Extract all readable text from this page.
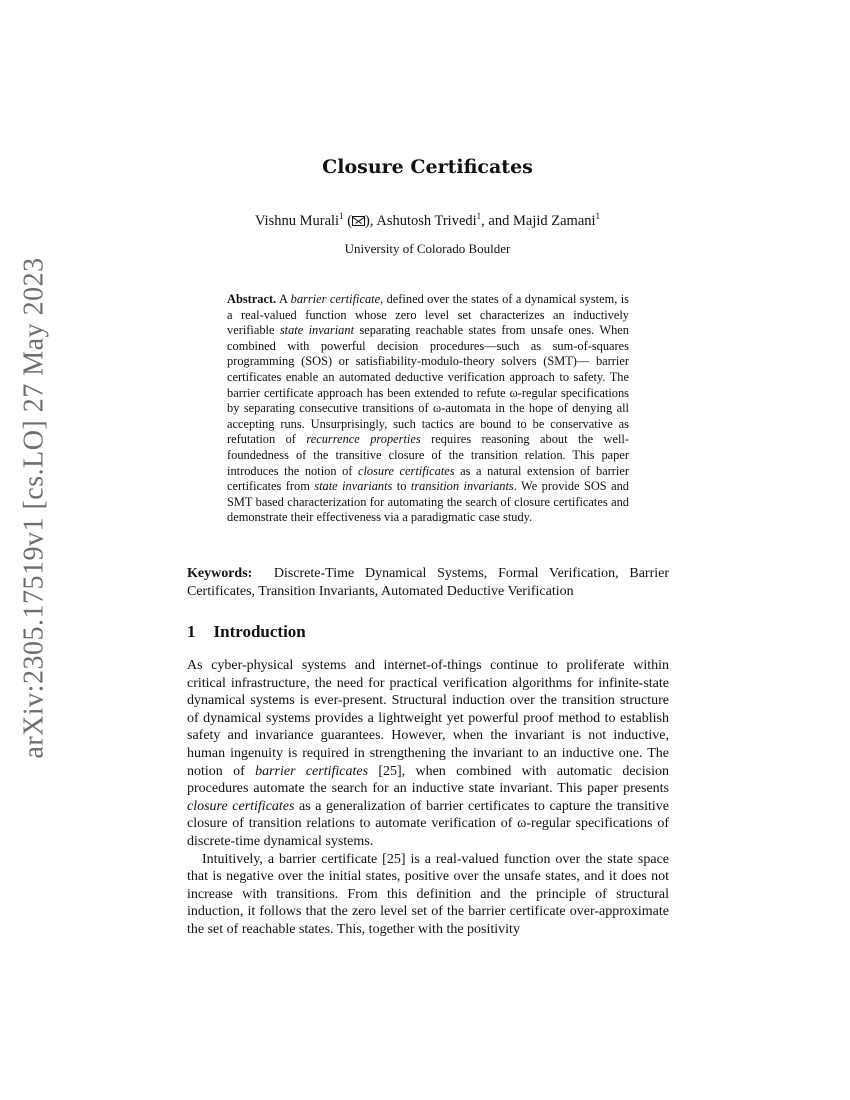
arXiv:2305.17519v1 [cs.LO] 27 May 2023
Closure Certificates
Vishnu Murali$^1$ ( ), Ashutosh Trivedi$^1$, and Majid Zamani$^1$
University of Colorado Boulder

Abstract. A barrier certificate, defined over the states of a dynamical system, is a real-valued function whose zero level set characterizes an inductively verifiable state invariant separating reachable states from unsafe ones. When combined with powerful decision procedures—such as sum-of-squares programming (SOS) or satisfiability-modulo-theory solvers (SMT)— barrier certificates enable an automated deductive verification approach to safety. The barrier certificate approach has been extended to refute ω-regular specifications by separating consecutive transitions of ω-automata in the hope of denying all accepting runs. Unsurprisingly, such tactics are bound to be conservative as refutation of recurrence properties requires reasoning about the well-foundedness of the transitive closure of the transition relation. This paper introduces the notion of closure certificates as a natural extension of barrier certificates from state invariants to transition invariants. We provide SOS and SMT based characterization for automating the search of closure certificates and demonstrate their effectiveness via a paradigmatic case study.

Keywords: Discrete-Time Dynamical Systems, Formal Verification, Barrier Certificates, Transition Invariants, Automated Deductive Verification

1 Introduction

As cyber-physical systems and internet-of-things continue to proliferate within critical infrastructure, the need for practical verification algorithms for infinite-state dynamical systems is ever-present. Structural induction over the transition structure of dynamical systems provides a lightweight yet powerful proof method to establish safety and invariance guarantees. However, when the invariant is not inductive, human ingenuity is required in strengthening the invariant to an inductive one. The notion of barrier certificates [25], when combined with automatic decision procedures automate the search for an inductive state invariant. This paper presents closure certificates as a generalization of barrier certificates to capture the transitive closure of transition relations to automate verification of ω-regular specifications of discrete-time dynamical systems.

Intuitively, a barrier certificate [25] is a real-valued function over the state space that is negative over the initial states, positive over the unsafe states, and it does not increase with transitions. From this definition and the principle of structural induction, it follows that the zero level set of the barrier certificate over-approximate the set of reachable states. This, together with the positivity
